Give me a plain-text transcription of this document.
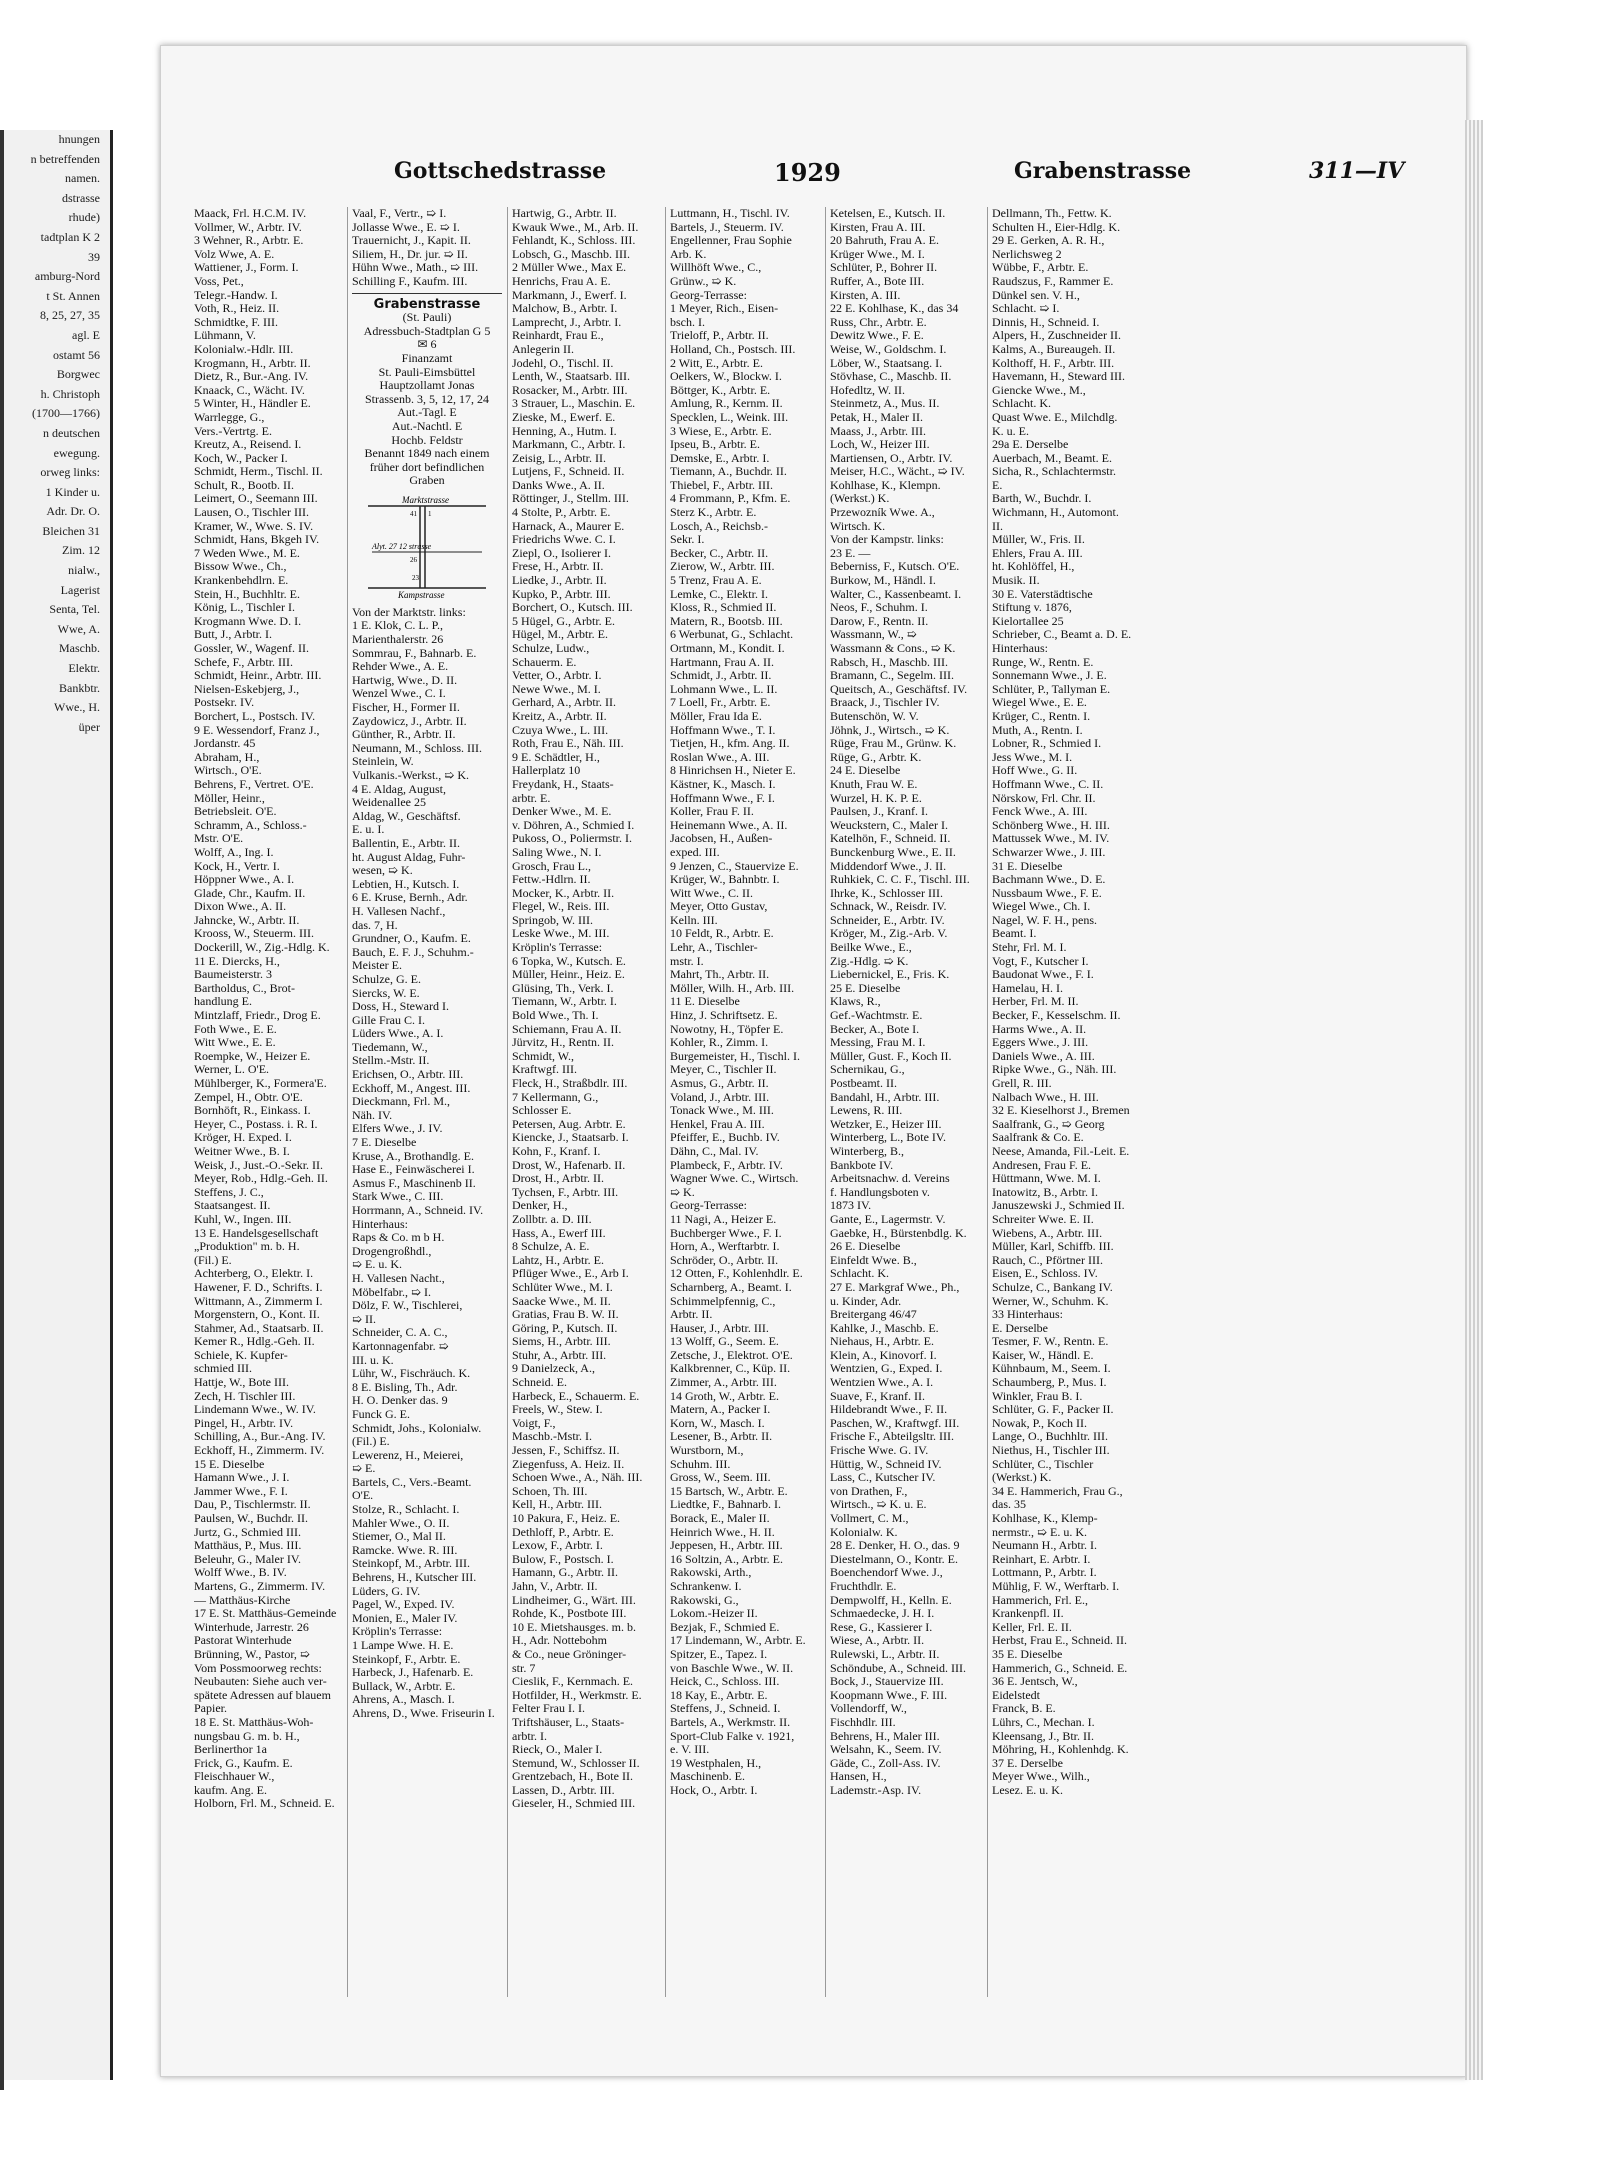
hnungen
n betreffenden
namen.
dstrasse
rhude)
tadtplan K 2
39
amburg-Nord
t St. Annen
8, 25, 27, 35
agl. E
ostamt 56
Borgwec
h. Christoph
(1700—1766)
n deutschen
ewegung.
orweg links:
1 Kinder u.
Adr. Dr. O.
Bleichen 31
Zim. 12
nialw.,
Lagerist
Senta, Tel.
Wwe, A.
Maschb.
Elektr.
Bankbtr.
Wwe., H.
üper
Gottschedstrasse	1929	Grabenstrasse	311—IV
Maack, Frl. H.C.M. IV.
Vollmer, W., Arbtr. IV.
3 Wehner, R., Arbtr. E.
Volz Wwe, A. E.
Wattiener, J., Form. I.
Voss, Pet.,
Telegr.-Handw. I.
Voth, R., Heiz. II.
Schmidtke, F. III.
Lühmann, V.
Kolonialw.-Hdlr. III.
Krogmann, H., Arbtr. II.
Dietz, R., Bur.-Ang. IV.
Knaack, C., Wächt. IV.
5 Winter, H., Händler E.
Warrlegge, G.,
Vers.-Vertrtg. E.
Kreutz, A., Reisend. I.
Koch, W., Packer I.
Schmidt, Herm., Tischl. II.
Schult, R., Bootb. II.
Leimert, O., Seemann III.
Lausen, O., Tischler III.
Kramer, W., Wwe. S. IV.
Schmidt, Hans, Bkgeh IV.
7 Weden Wwe., M. E.
Bissow Wwe., Ch.,
Krankenbehdlrn. E.
Stein, H., Buchhltr. E.
König, L., Tischler I.
Krogmann Wwe. D. I.
Butt, J., Arbtr. I.
Gossler, W., Wagenf. II.
Schefe, F., Arbtr. III.
Schmidt, Heinr., Arbtr. III.
Nielsen-Eskebjerg, J.,
Postsekr. IV.
Borchert, L., Postsch. IV.
9 E. Wessendorf, Franz J.,
Jordanstr. 45
Abraham, H.,
Wirtsch., O'E.
Behrens, F., Vertret. O'E.
Möller, Heinr.,
Betriebsleit. O'E.
Schramm, A., Schloss.-
Mstr. O'E.
Wolff, A., Ing. I.
Kock, H., Vertr. I.
Höppner Wwe., A. I.
Glade, Chr., Kaufm. II.
Dixon Wwe., A. II.
Jahncke, W., Arbtr. II.
Krooss, W., Steuerm. III.
Dockerill, W., Zig.-Hdlg. K.
11 E. Diercks, H.,
Baumeisterstr. 3
Bartholdus, C., Brot-
handlung E.
Mintzlaff, Friedr., Drog E.
Foth Wwe., E. E.
Witt Wwe., E. E.
Roempke, W., Heizer E.
Werner, L. O'E.
Mühlberger, K., Formera'E.
Zempel, H., Obtr. O'E.
Bornhöft, R., Einkass. I.
Heyer, C., Postass. i. R. I.
Kröger, H. Exped. I.
Weitner Wwe., B. I.
Weisk, J., Just.-O.-Sekr. II.
Meyer, Rob., Hdlg.-Geh. II.
Steffens, J. C.,
Staatsangest. II.
Kuhl, W., Ingen. III.
13 E. Handelsgesellschaft
„Produktion" m. b. H.
(Fil.) E.
Achterberg, O., Elektr. I.
Hawener, F. D., Schrifts. I.
Wittmann, A., Zimmerm I.
Morgenstern, O., Kont. II.
Stahmer, Ad., Staatsarb. II.
Kemer R., Hdlg.-Geh. II.
Schiele, K. Kupfer-
schmied III.
Hattje, W., Bote III.
Zech, H. Tischler III.
Lindemann Wwe., W. IV.
Pingel, H., Arbtr. IV.
Schilling, A., Bur.-Ang. IV.
Eckhoff, H., Zimmerm. IV.
15 E. Dieselbe
Hamann Wwe., J. I.
Jammer Wwe., F. I.
Dau, P., Tischlermstr. II.
Paulsen, W., Buchdr. II.
Jurtz, G., Schmied III.
Matthäus, P., Mus. III.
Beleuhr, G., Maler IV.
Wolff Wwe., B. IV.
Martens, G., Zimmerm. IV.
— Matthäus-Kirche
17 E. St. Matthäus-Gemeinde
Winterhude, Jarrestr. 26
Pastorat Winterhude
Brünning, W., Pastor, ➯
Vom Possmoorweg rechts:
Neubauten: Siehe auch ver-
spätete Adressen auf blauem
Papier.
18 E. St. Matthäus-Woh-
nungsbau G. m. b. H.,
Berlinerthor 1a
Frick, G., Kaufm. E.
Fleischhauer W.,
kaufm. Ang. E.
Holborn, Frl. M., Schneid. E.
Vaal, F., Vertr., ➯ I.
Jollasse Wwe., E. ➯ I.
Trauernicht, J., Kapit. II.
Siliem, H., Dr. jur. ➯ II.
Hühn Wwe., Math., ➯ III.
Schilling F., Kaufm. III.
Grabenstrasse
(St. Pauli)
Adressbuch-Stadtplan G 5
✉ 6
Finanzamt
St. Pauli-Eimsbüttel
Hauptzollamt Jonas
Strassenb. 3, 5, 12, 17, 24
Aut.-Tagl. E
Aut.-Nachtl. E
Hochb. Feldstr
Benannt 1849 nach einem
früher dort befindlichen
Graben
Marktstrasse
41 1
Alyt. 27 12 strasse
26
23
Kampstrasse
Von der Marktstr. links:
1 E. Klok, C. L. P.,
Marienthalerstr. 26
Sommrau, F., Bahnarb. E.
Rehder Wwe., A. E.
Hartwig, Wwe., D. II.
Wenzel Wwe., C. I.
Fischer, H., Former II.
Zaydowicz, J., Arbtr. II.
Günther, R., Arbtr. II.
Neumann, M., Schloss. III.
Steinlein, W.
Vulkanis.-Werkst., ➯ K.
4 E. Aldag, August,
Weidenallee 25
Aldag, W., Geschäftsf.
E. u. I.
Ballentin, E., Arbtr. II.
ht. August Aldag, Fuhr-
wesen, ➯ K.
Lebtien, H., Kutsch. I.
6 E. Kruse, Bernh., Adr.
H. Vallesen Nachf.,
das. 7, H.
Grundner, O., Kaufm. E.
Bauch, E. F. J., Schuhm.-
Meister E.
Schulze, G. E.
Siercks, W. E.
Doss, H., Steward I.
Gille Frau C. I.
Lüders Wwe., A. I.
Tiedemann, W.,
Stellm.-Mstr. II.
Erichsen, O., Arbtr. III.
Eckhoff, M., Angest. III.
Dieckmann, Frl. M.,
Näh. IV.
Elfers Wwe., J. IV.
7 E. Dieselbe
Kruse, A., Brothandlg. E.
Hase E., Feinwäscherei I.
Asmus F., Maschinenb II.
Stark Wwe., C. III.
Horrmann, A., Schneid. IV.
Hinterhaus:
Raps & Co. m b H.
Drogengroßhdl.,
➯ E. u. K.
H. Vallesen Nacht.,
Möbelfabr., ➯ I.
Dölz, F. W., Tischlerei,
➯ II.
Schneider, C. A. C.,
Kartonnagenfabr. ➯
III. u. K.
Lühr, W., Fischräuch. K.
8 E. Bisling, Th., Adr.
H. O. Denker das. 9
Funck G. E.
Schmidt, Johs., Kolonialw.
(Fil.) E.
Lewerenz, H., Meierei,
➯ E.
Bartels, C., Vers.-Beamt.
O'E.
Stolze, R., Schlacht. I.
Mahler Wwe., O. II.
Stiemer, O., Mal II.
Ramcke. Wwe. R. III.
Steinkopf, M., Arbtr. III.
Behrens, H., Kutscher III.
Lüders, G. IV.
Pagel, W., Exped. IV.
Monien, E., Maler IV.
Kröplin's Terrasse:
1 Lampe Wwe. H. E.
Steinkopf, F., Arbtr. E.
Harbeck, J., Hafenarb. E.
Bullack, W., Arbtr. E.
Ahrens, A., Masch. I.
Ahrens, D., Wwe. Friseurin I.
Hartwig, G., Arbtr. II.
Kwauk Wwe., M., Arb. II.
Fehlandt, K., Schloss. III.
Lobsch, G., Maschb. III.
2 Müller Wwe., Max E.
Henrichs, Frau A. E.
Markmann, J., Ewerf. I.
Malchow, B., Arbtr. I.
Lamprecht, J., Arbtr. I.
Reinhardt, Frau E.,
Anlegerin II.
Jodehl, O., Tischl. II.
Lenth, W., Staatsarb. III.
Rosacker, M., Arbtr. III.
3 Strauer, L., Maschin. E.
Zieske, M., Ewerf. E.
Henning, A., Hutm. I.
Markmann, C., Arbtr. I.
Zeisig, L., Arbtr. II.
Lutjens, F., Schneid. II.
Danks Wwe., A. II.
Röttinger, J., Stellm. III.
4 Stolte, P., Arbtr. E.
Harnack, A., Maurer E.
Friedrichs Wwe. C. I.
Ziepl, O., Isolierer I.
Frese, H., Arbtr. II.
Liedke, J., Arbtr. II.
Kupko, P., Arbtr. III.
Borchert, O., Kutsch. III.
5 Hügel, G., Arbtr. E.
Hügel, M., Arbtr. E.
Schulze, Ludw.,
Schauerm. E.
Vetter, O., Arbtr. I.
Newe Wwe., M. I.
Gerhard, A., Arbtr. II.
Kreitz, A., Arbtr. II.
Czuya Wwe., L. III.
Roth, Frau E., Näh. III.
9 E. Schädtler, H.,
Hallerplatz 10
Freydank, H., Staats-
arbtr. E.
Denker Wwe., M. E.
v. Döhren, A., Schmied I.
Pukoss, O., Poliermstr. I.
Saling Wwe., N. I.
Grosch, Frau L.,
Fettw.-Hdlrn. II.
Mocker, K., Arbtr. II.
Flegel, W., Reis. III.
Springob, W. III.
Leske Wwe., M. III.
Kröplin's Terrasse:
6 Topka, W., Kutsch. E.
Müller, Heinr., Heiz. E.
Glüsing, Th., Verk. I.
Tiemann, W., Arbtr. I.
Bold Wwe., Th. I.
Schiemann, Frau A. II.
Jürvitz, H., Rentn. II.
Schmidt, W.,
Kraftwgf. III.
Fleck, H., Straßbdlr. III.
7 Kellermann, G.,
Schlosser E.
Petersen, Aug. Arbtr. E.
Kiencke, J., Staatsarb. I.
Kohn, F., Kranf. I.
Drost, W., Hafenarb. II.
Drost, H., Arbtr. II.
Tychsen, F., Arbtr. III.
Denker, H.,
Zollbtr. a. D. III.
Hass, A., Ewerf III.
8 Schulze, A. E.
Lahtz, H., Arbtr. E.
Pflüger Wwe., E., Arb I.
Schlüter Wwe., M. I.
Saacke Wwe., M. II.
Gratias, Frau B. W. II.
Göring, P., Kutsch. II.
Siems, H., Arbtr. III.
Stuhr, A., Arbtr. III.
9 Danielzeck, A.,
Schneid. E.
Harbeck, E., Schauerm. E.
Freels, W., Stew. I.
Voigt, F.,
Maschb.-Mstr. I.
Jessen, F., Schiffsz. II.
Ziegenfuss, A. Heiz. II.
Schoen Wwe., A., Näh. III.
Schoen, Th. III.
Kell, H., Arbtr. III.
10 Pakura, F., Heiz. E.
Dethloff, P., Arbtr. E.
Lexow, F., Arbtr. I.
Bulow, F., Postsch. I.
Hamann, G., Arbtr. II.
Jahn, V., Arbtr. II.
Lindheimer, G., Wärt. III.
Rohde, K., Postbote III.
10 E. Mietshausges. m. b.
H., Adr. Nottebohm
& Co., neue Gröninger-
str. 7
Cieslik, F., Kernmach. E.
Hotfilder, H., Werkmstr. E.
Felter Frau I. I.
Triftshäuser, L., Staats-
arbtr. I.
Rieck, O., Maler I.
Stemund, W., Schlosser II.
Grentzebach, H., Bote II.
Lassen, D., Arbtr. III.
Gieseler, H., Schmied III.
Luttmann, H., Tischl. IV.
Bartels, J., Steuerm. IV.
Engellenner, Frau Sophie
Arb. K.
Willhöft Wwe., C.,
Grünw., ➯ K.
Georg-Terrasse:
1 Meyer, Rich., Eisen-
bsch. I.
Trieloff, P., Arbtr. II.
Holland, Ch., Postsch. III.
2 Witt, E., Arbtr. E.
Oelkers, W., Blockw. I.
Böttger, K., Arbtr. E.
Amlung, R., Kernm. II.
Specklen, L., Weink. III.
3 Wiese, E., Arbtr. E.
Ipseu, B., Arbtr. E.
Demske, E., Arbtr. I.
Tiemann, A., Buchdr. II.
Thiebel, F., Arbtr. III.
4 Frommann, P., Kfm. E.
Sterz K., Arbtr. E.
Losch, A., Reichsb.-
Sekr. I.
Becker, C., Arbtr. II.
Zierow, W., Arbtr. III.
5 Trenz, Frau A. E.
Lemke, C., Elektr. I.
Kloss, R., Schmied II.
Matern, R., Bootsb. III.
6 Werbunat, G., Schlacht.
Ortmann, M., Kondit. I.
Hartmann, Frau A. II.
Schmidt, J., Arbtr. II.
Lohmann Wwe., L. II.
7 Loell, Fr., Arbtr. E.
Möller, Frau Ida E.
Hoffmann Wwe., T. I.
Tietjen, H., kfm. Ang. II.
Roslan Wwe., A. III.
8 Hinrichsen H., Nieter E.
Kästner, K., Masch. I.
Hoffmann Wwe., F. I.
Koller, Frau F. II.
Heinemann Wwe., A. II.
Jacobsen, H., Außen-
exped. III.
9 Jenzen, C., Stauervize E.
Krüger, W., Bahnbtr. I.
Witt Wwe., C. II.
Meyer, Otto Gustav,
Kelln. III.
10 Feldt, R., Arbtr. E.
Lehr, A., Tischler-
mstr. I.
Mahrt, Th., Arbtr. II.
Möller, Wilh. H., Arb. III.
11 E. Dieselbe
Hinz, J. Schriftsetz. E.
Nowotny, H., Töpfer E.
Kohler, R., Zimm. I.
Burgemeister, H., Tischl. I.
Meyer, C., Tischler II.
Asmus, G., Arbtr. II.
Voland, J., Arbtr. III.
Tonack Wwe., M. III.
Henkel, Frau A. III.
Pfeiffer, E., Buchb. IV.
Dähn, C., Mal. IV.
Plambeck, F., Arbtr. IV.
Wagner Wwe. C., Wirtsch.
➯ K.
Georg-Terrasse:
11 Nagi, A., Heizer E.
Buchberger Wwe., F. I.
Horn, A., Werftarbtr. I.
Schröder, O., Arbtr. II.
12 Otten, F., Kohlenhdlr. E.
Scharnberg, A., Beamt. I.
Schimmelpfennig, C.,
Arbtr. II.
Hauser, J., Arbtr. III.
13 Wolff, G., Seem. E.
Zetsche, J., Elektrot. O'E.
Kalkbrenner, C., Küp. II.
Zimmer, A., Arbtr. III.
14 Groth, W., Arbtr. E.
Matern, A., Packer I.
Korn, W., Masch. I.
Lesener, B., Arbtr. II.
Wurstborn, M.,
Schuhm. III.
Gross, W., Seem. III.
15 Bartsch, W., Arbtr. E.
Liedtke, F., Bahnarb. I.
Borack, E., Maler II.
Heinrich Wwe., H. II.
Jeppesen, H., Arbtr. III.
16 Soltzin, A., Arbtr. E.
Rakowski, Arth.,
Schrankenw. I.
Rakowski, G.,
Lokom.-Heizer II.
Bezjak, F., Schmied E.
17 Lindemann, W., Arbtr. E.
Spitzer, E., Tapez. I.
von Baschle Wwe., W. II.
Heick, C., Schloss. III.
18 Kay, E., Arbtr. E.
Steffens, J., Schneid. I.
Bartels, A., Werkmstr. II.
Sport-Club Falke v. 1921,
e. V. III.
19 Westphalen, H.,
Maschinenb. E.
Hock, O., Arbtr. I.
Ketelsen, E., Kutsch. II.
Kirsten, Frau A. III.
20 Bahruth, Frau A. E.
Krüger Wwe., M. I.
Schlüter, P., Bohrer II.
Ruffer, A., Bote III.
Kirsten, A. III.
22 E. Kohlhase, K., das 34
Russ, Chr., Arbtr. E.
Dewitz Wwe., F. E.
Weise, W., Goldschm. I.
Löber, W., Staatsang. I.
Stövhase, C., Maschb. II.
Hofedltz, W. II.
Steinmetz, A., Mus. II.
Petak, H., Maler II.
Maass, J., Arbtr. III.
Loch, W., Heizer III.
Martiensen, O., Arbtr. IV.
Meiser, H.C., Wächt., ➯ IV.
Kohlhase, K., Klempn.
(Werkst.) K.
Przewozník Wwe. A.,
Wirtsch. K.
Von der Kampstr. links:
23 E. —
Beberniss, F., Kutsch. O'E.
Burkow, M., Händl. I.
Walter, C., Kassenbeamt. I.
Neos, F., Schuhm. I.
Darow, F., Rentn. II.
Wassmann, W., ➯
Wassmann & Cons., ➯ K.
Rabsch, H., Maschb. III.
Bramann, C., Segelm. III.
Queitsch, A., Geschäftsf. IV.
Braack, J., Tischler IV.
Butenschön, W. V.
Jöhnk, J., Wirtsch., ➯ K.
Rüge, Frau M., Grünw. K.
Rüge, G., Arbtr. K.
24 E. Dieselbe
Knuth, Frau W. E.
Wurzel, H. K. P. E.
Paulsen, J., Kranf. I.
Weuckstern, C., Maler I.
Katelhön, F., Schneid. II.
Bunckenburg Wwe., E. II.
Middendorf Wwe., J. II.
Ruhkiek, C. C. F., Tischl. III.
Ihrke, K., Schlosser III.
Schnack, W., Reisdr. IV.
Schneider, E., Arbtr. IV.
Kröger, M., Zig.-Arb. V.
Beilke Wwe., E.,
Zig.-Hdlg. ➯ K.
Liebernickel, E., Fris. K.
25 E. Dieselbe
Klaws, R.,
Gef.-Wachtmstr. E.
Becker, A., Bote I.
Messing, Frau M. I.
Müller, Gust. F., Koch II.
Schernikau, G.,
Postbeamt. II.
Bandahl, H., Arbtr. III.
Lewens, R. III.
Wetzker, E., Heizer III.
Winterberg, L., Bote IV.
Winterberg, B.,
Bankbote IV.
Arbeitsnachw. d. Vereins
f. Handlungsboten v.
1873 IV.
Gante, E., Lagermstr. V.
Gaebke, H., Bürstenbdlg. K.
26 E. Dieselbe
Einfeldt Wwe. B.,
Schlacht. K.
27 E. Markgraf Wwe., Ph.,
u. Kinder, Adr.
Breitergang 46/47
Kahlke, J., Maschb. E.
Niehaus, H., Arbtr. E.
Klein, A., Kinovorf. I.
Wentzien, G., Exped. I.
Wentzien Wwe., A. I.
Suave, F., Kranf. II.
Hildebrandt Wwe., F. II.
Paschen, W., Kraftwgf. III.
Frische F., Abteilgsltr. III.
Frische Wwe. G. IV.
Hüttig, W., Schneid IV.
Lass, C., Kutscher IV.
von Drathen, F.,
Wirtsch., ➯ K. u. E.
Vollmert, C. M.,
Kolonialw. K.
28 E. Denker, H. O., das. 9
Diestelmann, O., Kontr. E.
Boenchendorf Wwe. J.,
Fruchthdlr. E.
Dempwolff, H., Kelln. E.
Schmaedecke, J. H. I.
Rese, G., Kassierer I.
Wiese, A., Arbtr. II.
Rulewski, L., Arbtr. II.
Schöndube, A., Schneid. III.
Bock, J., Stauervize III.
Koopmann Wwe., F. III.
Vollendorff, W.,
Fischhdlr. III.
Behrens, H., Maler III.
Welsahn, K., Seem. IV.
Gäde, C., Zoll-Ass. IV.
Hansen, H.,
Lademstr.-Asp. IV.
Dellmann, Th., Fettw. K.
Schulten H., Eier-Hdlg. K.
29 E. Gerken, A. R. H.,
Nerlichsweg 2
Wübbe, F., Arbtr. E.
Raudszus, F., Rammer E.
Dünkel sen. V. H.,
Schlacht. ➯ I.
Dinnis, H., Schneid. I.
Alpers, H., Zuschneider II.
Kalms, A., Bureaugeh. II.
Kolthoff, H. F., Arbtr. III.
Havemann, H., Steward III.
Giencke Wwe., M.,
Schlacht. K.
Quast Wwe. E., Milchdlg.
K. u. E.
29a E. Derselbe
Auerbach, M., Beamt. E.
Sicha, R., Schlachtermstr.
E.
Barth, W., Buchdr. I.
Wichmann, H., Automont.
II.
Müller, W., Fris. II.
Ehlers, Frau A. III.
ht. Kohlöffel, H.,
Musik. II.
30 E. Vaterstädtische
Stiftung v. 1876,
Kielortallee 25
Schrieber, C., Beamt a. D. E.
Hinterhaus:
Runge, W., Rentn. E.
Sonnemann Wwe., J. E.
Schlüter, P., Tallyman E.
Wiegel Wwe., E. E.
Krüger, C., Rentn. I.
Muth, A., Rentn. I.
Lobner, R., Schmied I.
Jess Wwe., M. I.
Hoff Wwe., G. II.
Hoffmann Wwe., C. II.
Nörskow, Frl. Chr. II.
Fenck Wwe., A. III.
Schönberg Wwe., H. III.
Mattussek Wwe., M. IV.
Schwarzer Wwe., J. III.
31 E. Dieselbe
Bachmann Wwe., D. E.
Nussbaum Wwe., F. E.
Wiegel Wwe., Ch. I.
Nagel, W. F. H., pens.
Beamt. I.
Stehr, Frl. M. I.
Vogt, F., Kutscher I.
Baudonat Wwe., F. I.
Hamelau, H. I.
Herber, Frl. M. II.
Becker, F., Kesselschm. II.
Harms Wwe., A. II.
Eggers Wwe., J. III.
Daniels Wwe., A. III.
Ripke Wwe., G., Näh. III.
Grell, R. III.
Nalbach Wwe., H. III.
32 E. Kieselhorst J., Bremen
Saalfrank, G., ➯ Georg
Saalfrank & Co. E.
Neese, Amanda, Fil.-Leit. E.
Andresen, Frau F. E.
Hüttmann, Wwe. M. I.
Inatowitz, B., Arbtr. I.
Januszewski J., Schmied II.
Schreiter Wwe. E. II.
Wiebens, A., Arbtr. III.
Müller, Karl, Schiffb. III.
Rauch, C., Pförtner III.
Eisen, E., Schloss. IV.
Schulze, C., Bankang IV.
Werner, W., Schuhm. K.
33 Hinterhaus:
E. Derselbe
Tesmer, F. W., Rentn. E.
Kaiser, W., Händl. E.
Kühnbaum, M., Seem. I.
Schaumberg, P., Mus. I.
Winkler, Frau B. I.
Schlüter, G. F., Packer II.
Nowak, P., Koch II.
Lange, O., Buchhltr. III.
Niethus, H., Tischler III.
Schlüter, C., Tischler
(Werkst.) K.
34 E. Hammerich, Frau G.,
das. 35
Kohlhase, K., Klemp-
nermstr., ➯ E. u. K.
Neumann H., Arbtr. I.
Reinhart, E. Arbtr. I.
Lottmann, P., Arbtr. I.
Mühlig, F. W., Werftarb. I.
Hammerich, Frl. E.,
Krankenpfl. II.
Keller, Frl. E. II.
Herbst, Frau E., Schneid. II.
35 E. Dieselbe
Hammerich, G., Schneid. E.
36 E. Jentsch, W.,
Eidelstedt
Franck, B. E.
Lührs, C., Mechan. I.
Kleensang, J., Btr. II.
Möhring, H., Kohlenhdg. K.
37 E. Derselbe
Meyer Wwe., Wilh.,
Lesez. E. u. K.
